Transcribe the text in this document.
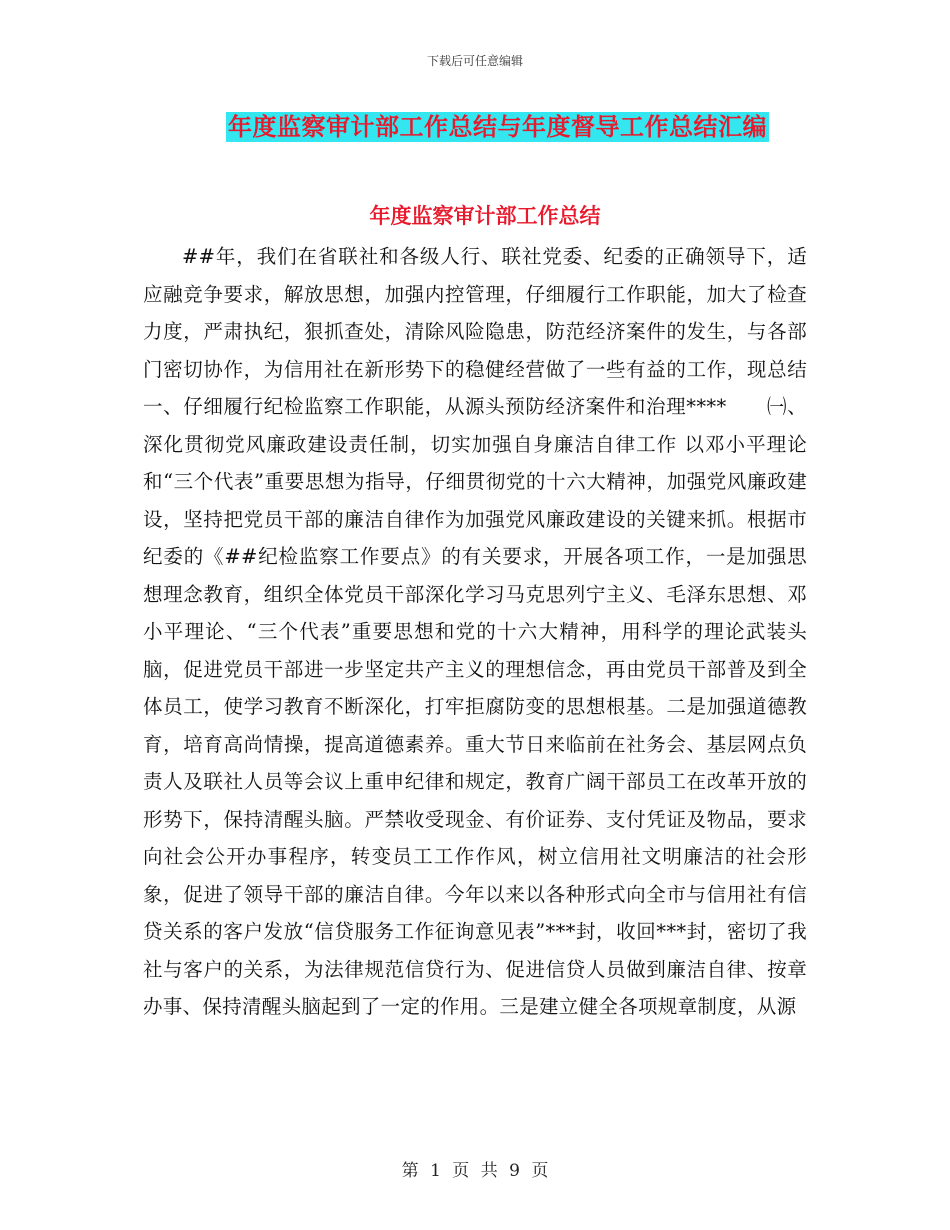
下载后可任意编辑
年度监察审计部工作总结与年度督导工作总结汇编
年度监察审计部工作总结
##年，我们在省联社和各级人行、联社党委、纪委的正确领导下，适应融竞争要求，解放思想，加强内控管理，仔细履行工作职能，加大了检查力度，严肃执纪，狠抓查处，清除风险隐患，防范经济案件的发生，与各部门密切协作，为信用社在新形势下的稳健经营做了一些有益的工作，现总结　　一、仔细履行纪检监察工作职能，从源头预防经济案件和治理****　　㈠、深化贯彻党风廉政建设责任制，切实加强自身廉洁自律工作 以邓小平理论和“三个代表”重要思想为指导，仔细贯彻党的十六大精神，加强党风廉政建设，坚持把党员干部的廉洁自律作为加强党风廉政建设的关键来抓。根据市纪委的《##纪检监察工作要点》的有关要求，开展各项工作，一是加强思想理念教育，组织全体党员干部深化学习马克思列宁主义、毛泽东思想、邓小平理论、“三个代表”重要思想和党的十六大精神，用科学的理论武装头脑，促进党员干部进一步坚定共产主义的理想信念，再由党员干部普及到全体员工，使学习教育不断深化，打牢拒腐防变的思想根基。二是加强道德教育，培育高尚情操，提高道德素养。重大节日来临前在社务会、基层网点负责人及联社人员等会议上重申纪律和规定，教育广阔干部员工在改革开放的形势下，保持清醒头脑。严禁收受现金、有价证券、支付凭证及物品，要求向社会公开办事程序，转变员工工作作风，树立信用社文明廉洁的社会形象，促进了领导干部的廉洁自律。今年以来以各种形式向全市与信用社有信贷关系的客户发放“信贷服务工作征询意见表”***封，收回***封，密切了我社与客户的关系，为法律规范信贷行为、促进信贷人员做到廉洁自律、按章办事、保持清醒头脑起到了一定的作用。三是建立健全各项规章制度，从源
第 1 页 共 9 页
